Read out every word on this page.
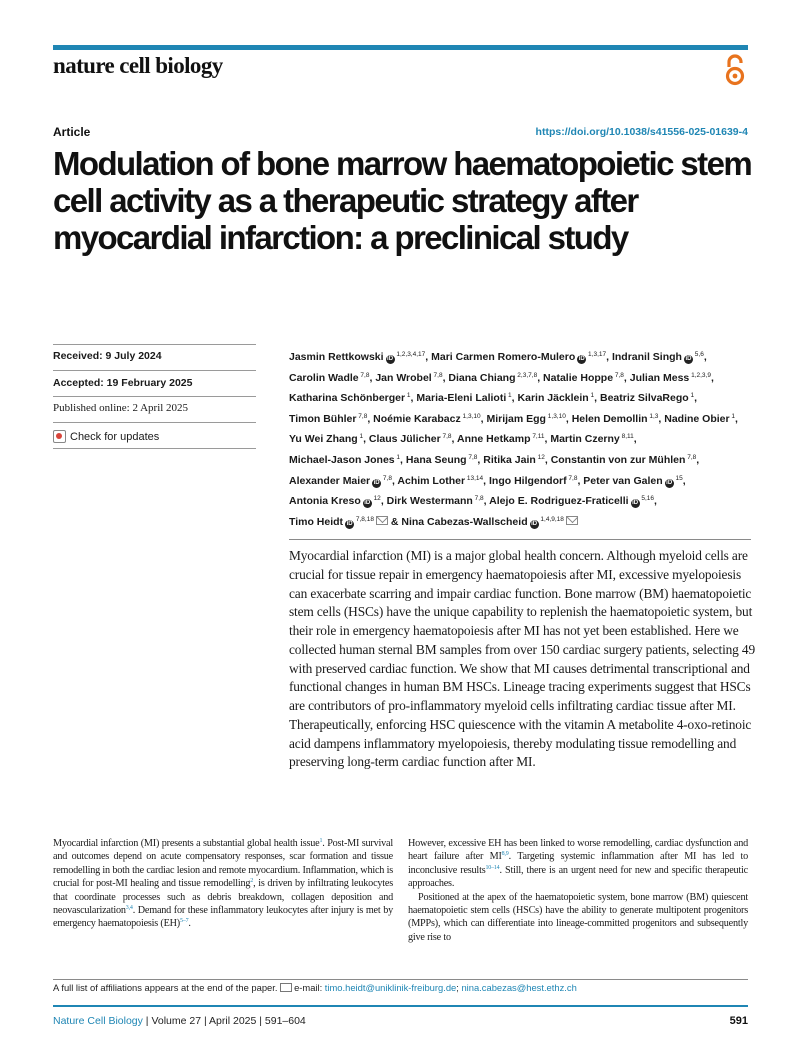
nature cell biology
Article	https://doi.org/10.1038/s41556-025-01639-4
Modulation of bone marrow haematopoietic stem cell activity as a therapeutic strategy after myocardial infarction: a preclinical study
Received: 9 July 2024
Accepted: 19 February 2025
Published online: 2 April 2025
Check for updates
Jasmin Rettkowski iD $^{1,2,3,4,17}$, Mari Carmen Romero-Mulero iD $^{1,3,17}$, Indranil Singh iD $^{5,6}$, Carolin Wadle $^{7,8}$, Jan Wrobel $^{7,8}$, Diana Chiang $^{2,3,7,8}$, Natalie Hoppe $^{7,8}$, Julian Mess $^{1,2,3,9}$, Katharina Schönberger $^1$, Maria-Eleni Lalioti $^1$, Karin Jäcklein $^1$, Beatriz SilvaRego $^1$, Timon Bühler $^{7,8}$, Noémie Karabacz $^{1,3,10}$, Mirijam Egg $^{1,3,10}$, Helen Demollin $^{1,3}$, Nadine Obier $^1$, Yu Wei Zhang $^1$, Claus Jülicher $^{7,8}$, Anne Hetkamp $^{7,11}$, Martin Czerny $^{8,11}$, Michael-Jason Jones $^1$, Hana Seung $^{7,8}$, Ritika Jain $^{12}$, Constantin von zur Mühlen $^{7,8}$, Alexander Maier iD $^{7,8}$, Achim Lother $^{13,14}$, Ingo Hilgendorf $^{7,8}$, Peter van Galen iD $^{15}$, Antonia Kreso iD $^{12}$, Dirk Westermann $^{7,8}$, Alejo E. Rodriguez-Fraticelli iD $^{5,16}$, Timo Heidt iD $^{7,8,18}$ & Nina Cabezas-Wallscheid iD $^{1,4,9,18}$

Myocardial infarction (MI) is a major global health concern. Although myeloid cells are crucial for tissue repair in emergency haematopoiesis after MI, excessive myelopoiesis can exacerbate scarring and impair cardiac function. Bone marrow (BM) haematopoietic stem cells (HSCs) have the unique capability to replenish the haematopoietic system, but their role in emergency haematopoiesis after MI has not yet been established. Here we collected human sternal BM samples from over 150 cardiac surgery patients, selecting 49 with preserved cardiac function. We show that MI causes detrimental transcriptional and functional changes in human BM HSCs. Lineage tracing experiments suggest that HSCs are contributors of pro-inflammatory myeloid cells infiltrating cardiac tissue after MI. Therapeutically, enforcing HSC quiescence with the vitamin A metabolite 4-oxo-retinoic acid dampens inflammatory myelopoiesis, thereby modulating tissue remodelling and preserving long-term cardiac function after MI.

Myocardial infarction (MI) presents a substantial global health issue$^1$. Post-MI survival and outcomes depend on acute compensatory responses, scar formation and tissue remodelling in both the cardiac lesion and remote myocardium. Inflammation, which is crucial for post-MI healing and tissue remodelling$^2$, is driven by infiltrating leukocytes that coordinate processes such as debris breakdown, collagen deposition and neovascularization$^{3,4}$. Demand for these inflammatory leukocytes after injury is met by emergency haematopoiesis (EH)$^{5-7}$.

However, excessive EH has been linked to worse remodelling, cardiac dysfunction and heart failure after MI$^{8,9}$. Targeting systemic inflammation after MI has led to inconclusive results$^{10-14}$. Still, there is an urgent need for new and specific therapeutic approaches.

Positioned at the apex of the haematopoietic system, bone marrow (BM) quiescent haematopoietic stem cells (HSCs) have the ability to generate multipotent progenitors (MPPs), which can differentiate into lineage-committed progenitors and subsequently give rise to

A full list of affiliations appears at the end of the paper. e-mail: timo.heidt@uniklinik-freiburg.de; nina.cabezas@hest.ethz.ch
Nature Cell Biology | Volume 27 | April 2025 | 591–604	591
